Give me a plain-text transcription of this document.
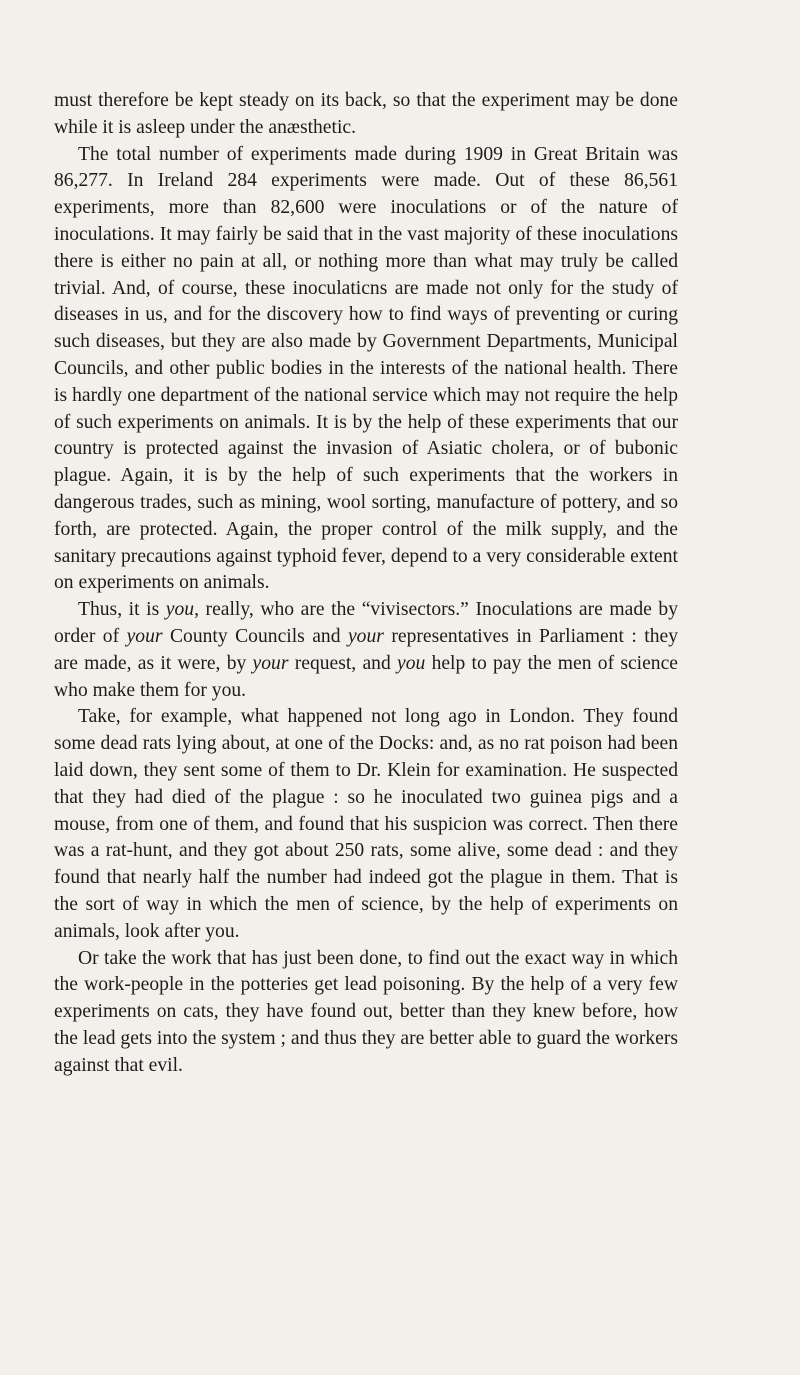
must therefore be kept steady on its back, so that the experiment may be done while it is asleep under the anæsthetic.

The total number of experiments made during 1909 in Great Britain was 86,277. In Ireland 284 experiments were made. Out of these 86,561 experiments, more than 82,600 were inoculations or of the nature of inoculations. It may fairly be said that in the vast majority of these inoculations there is either no pain at all, or nothing more than what may truly be called trivial. And, of course, these inoculaticns are made not only for the study of diseases in us, and for the discovery how to find ways of preventing or curing such diseases, but they are also made by Government Departments, Municipal Councils, and other public bodies in the interests of the national health. There is hardly one department of the national service which may not require the help of such experiments on animals. It is by the help of these experiments that our country is protected against the invasion of Asiatic cholera, or of bubonic plague. Again, it is by the help of such experiments that the workers in dangerous trades, such as mining, wool sorting, manufacture of pottery, and so forth, are protected. Again, the proper control of the milk supply, and the sanitary precautions against typhoid fever, depend to a very considerable extent on experiments on animals.

Thus, it is you, really, who are the “vivisectors.” Inoculations are made by order of your County Councils and your representatives in Parliament : they are made, as it were, by your request, and you help to pay the men of science who make them for you.

Take, for example, what happened not long ago in London. They found some dead rats lying about, at one of the Docks: and, as no rat poison had been laid down, they sent some of them to Dr. Klein for examination. He suspected that they had died of the plague : so he inoculated two guinea pigs and a mouse, from one of them, and found that his suspicion was correct. Then there was a rat-hunt, and they got about 250 rats, some alive, some dead : and they found that nearly half the number had indeed got the plague in them. That is the sort of way in which the men of science, by the help of experiments on animals, look after you.

Or take the work that has just been done, to find out the exact way in which the work-people in the potteries get lead poisoning. By the help of a very few experiments on cats, they have found out, better than they knew before, how the lead gets into the system ; and thus they are better able to guard the workers against that evil.
